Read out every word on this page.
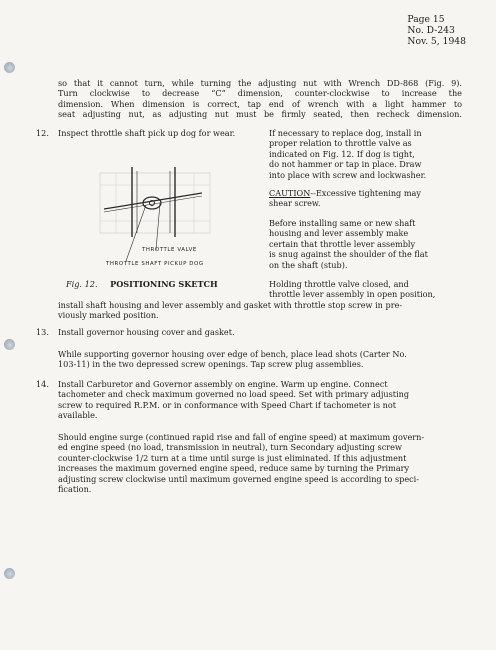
Page 15
No. D-243
Nov. 5, 1948
so that it cannot turn, while turning the adjusting nut with Wrench DD-868 (Fig. 9).
Turn clockwise to decrease “C” dimension, counter-clockwise to increase the
dimension. When dimension is correct, tap end of wrench with a light hammer to
seat adjusting nut, as adjusting nut must be firmly seated, then recheck dimension.
12. Inspect throttle shaft pick up dog for wear.	If necessary to replace dog, install in
proper relation to throttle valve as
indicated on Fig. 12. If dog is tight,
do not hammer or tap in place. Draw
into place with screw and lockwasher.
CAUTION--Excessive tightening may
shear screw.
Before installing same or new shaft
housing and lever assembly make
certain that throttle lever assembly
is snug against the shoulder of the flat
on the shaft (stub).
Holding throttle valve closed, and
throttle lever assembly in open position,
install shaft housing and lever assembly and gasket with throttle stop screw in pre-
viously marked position.
THROTTLE VALVE
THROTTLE SHAFT PICKUP DOG
Fig. 12. POSITIONING SKETCH
13. Install governor housing cover and gasket.
While supporting governor housing over edge of bench, place lead shots (Carter No.
103-11) in the two depressed screw openings. Tap screw plug assemblies.
14. Install Carburetor and Governor assembly on engine. Warm up engine. Connect
tachometer and check maximum governed no load speed. Set with primary adjusting
screw to required R.P.M. or in conformance with Speed Chart if tachometer is not
available.
Should engine surge (continued rapid rise and fall of engine speed) at maximum govern-
ed engine speed (no load, transmission in neutral), turn Secondary adjusting screw
counter-clockwise 1/2 turn at a time until surge is just eliminated. If this adjustment
increases the maximum governed engine speed, reduce same by turning the Primary
adjusting screw clockwise until maximum governed engine speed is according to speci-
fication.
